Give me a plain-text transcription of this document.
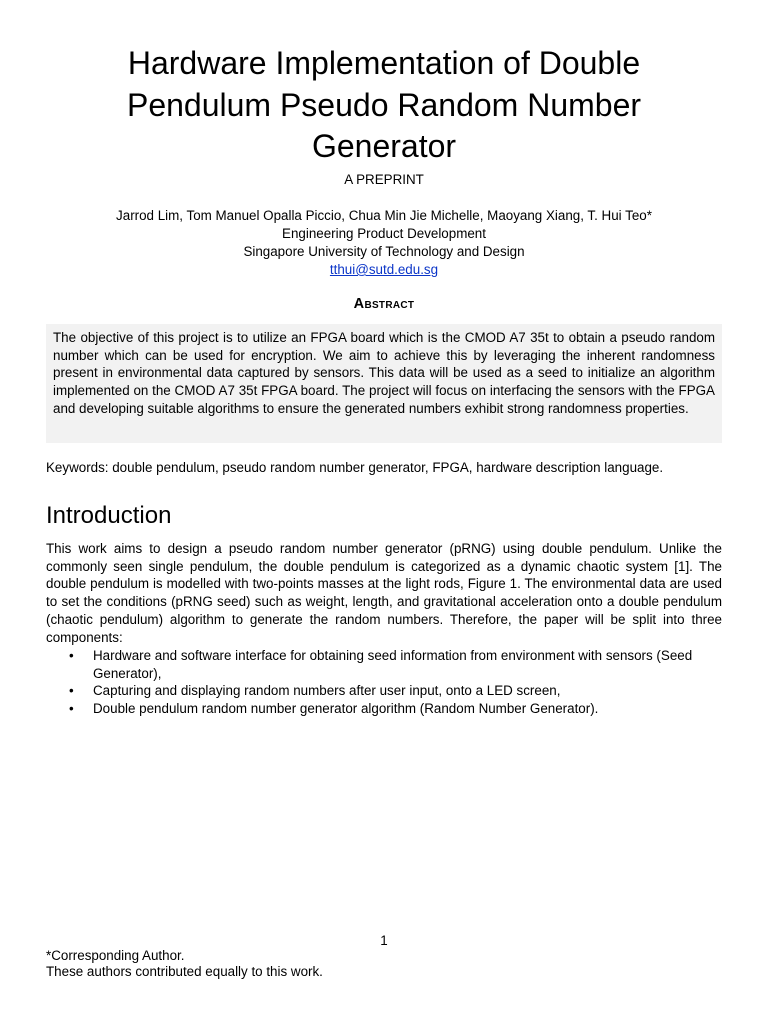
Hardware Implementation of Double Pendulum Pseudo Random Number Generator
A PREPRINT
Jarrod Lim, Tom Manuel Opalla Piccio, Chua Min Jie Michelle, Maoyang Xiang, T. Hui Teo*
Engineering Product Development
Singapore University of Technology and Design
tthui@sutd.edu.sg
Abstract

The objective of this project is to utilize an FPGA board which is the CMOD A7 35t to obtain a pseudo random number which can be used for encryption. We aim to achieve this by leveraging the inherent randomness present in environmental data captured by sensors. This data will be used as a seed to initialize an algorithm implemented on the CMOD A7 35t FPGA board. The project will focus on interfacing the sensors with the FPGA and developing suitable algorithms to ensure the generated numbers exhibit strong randomness properties.

Keywords: double pendulum, pseudo random number generator, FPGA, hardware description language.
Introduction

This work aims to design a pseudo random number generator (pRNG) using double pendulum. Unlike the commonly seen single pendulum, the double pendulum is categorized as a dynamic chaotic system [1]. The double pendulum is modelled with two-points masses at the light rods, Figure 1. The environmental data are used to set the conditions (pRNG seed) such as weight, length, and gravitational acceleration onto a double pendulum (chaotic pendulum) algorithm to generate the random numbers. Therefore, the paper will be split into three components:

• Hardware and software interface for obtaining seed information from environment with sensors (Seed Generator),
• Capturing and displaying random numbers after user input, onto a LED screen,
• Double pendulum random number generator algorithm (Random Number Generator).
1
*Corresponding Author.
These authors contributed equally to this work.
